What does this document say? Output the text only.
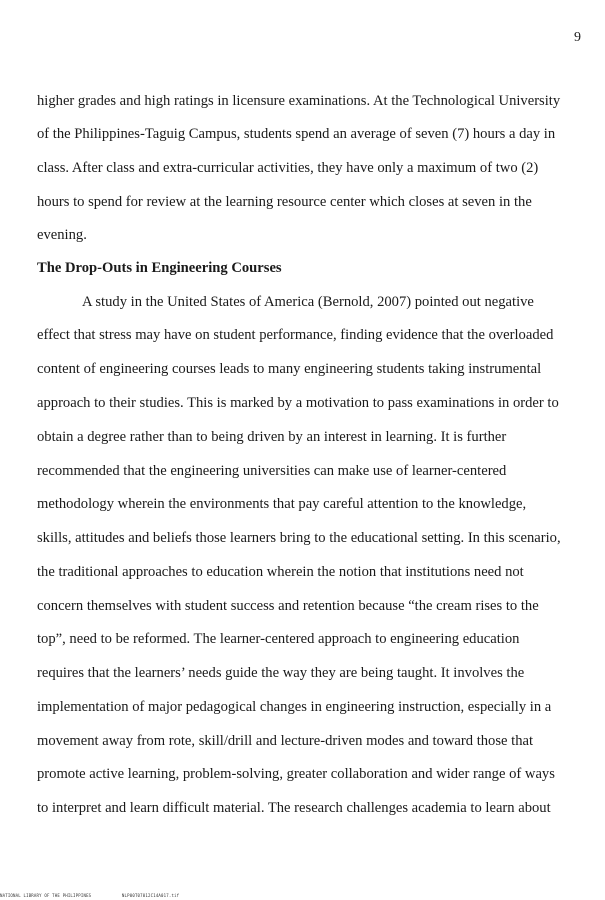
9
higher grades and high ratings in licensure examinations. At the Technological University
of the Philippines-Taguig Campus, students spend an average of seven (7) hours a day in
class. After class and extra-curricular activities, they have only a maximum of two (2)
hours to spend for review at the learning resource center which closes at seven in the
evening.
The Drop-Outs in Engineering Courses
A study in the United States of America (Bernold, 2007) pointed out negative
effect that stress may have on student performance, finding evidence that the overloaded
content of engineering courses leads to many engineering students taking instrumental
approach to their studies. This is marked by a motivation to pass examinations in order to
obtain a degree rather than to being driven by an interest in learning. It is further
recommended that the engineering universities can make use of learner-centered
methodology wherein the environments that pay careful attention to the knowledge,
skills, attitudes and beliefs those learners bring to the educational setting. In this scenario,
the traditional approaches to education wherein the notion that institutions need not
concern themselves with student success and retention because “the cream rises to the
top”, need to be reformed. The learner-centered approach to engineering education
requires that the learners’ needs guide the way they are being taught. It involves the
implementation of major pedagogical changes in engineering instruction, especially in a
movement away from rote, skill/drill and lecture-driven modes and toward those that
promote active learning, problem-solving, greater collaboration and wider range of ways
to interpret and learn difficult material. The research challenges academia to learn about
NATIONAL LIBRARY OF THE PHILIPPINES	NLP00T07012C14A017.tif
